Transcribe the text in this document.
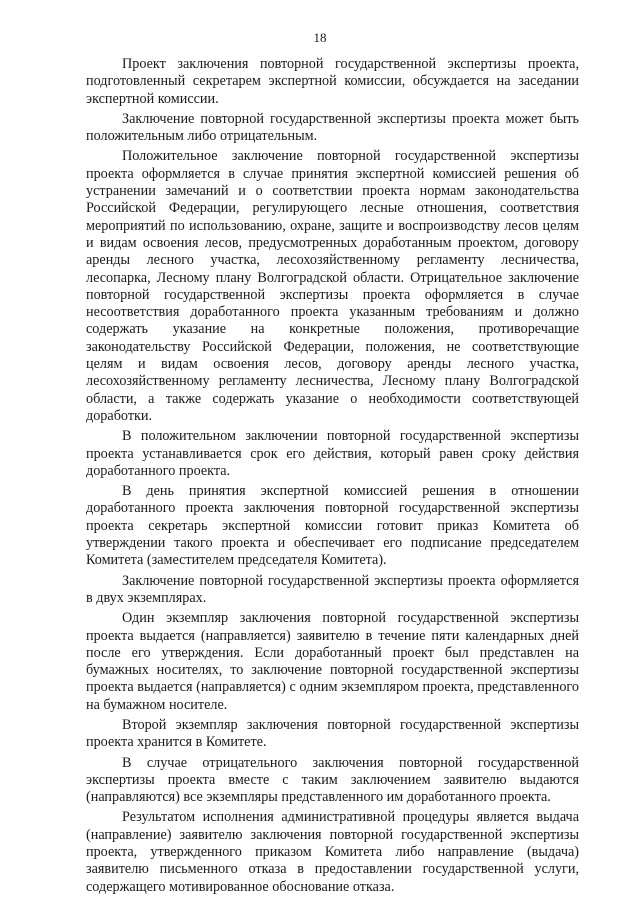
18

Проект заключения повторной государственной экспертизы проекта, подготовленный секретарем экспертной комиссии, обсуждается на заседании экспертной комиссии.

Заключение повторной государственной экспертизы проекта может быть положительным либо отрицательным.

Положительное заключение повторной государственной экспертизы проекта оформляется в случае принятия экспертной комиссией решения об устранении замечаний и о соответствии проекта нормам законодательства Российской Федерации, регулирующего лесные отношения, соответствия мероприятий по использованию, охране, защите и воспроизводству лесов целям и видам освоения лесов, предусмотренных доработанным проектом, договору аренды лесного участка, лесохозяйственному регламенту лесничества, лесопарка, Лесному плану Волгоградской области. Отрицательное заключение повторной государственной экспертизы проекта оформляется в случае несоответствия доработанного проекта указанным требованиям и должно содержать указание на конкретные положения, противоречащие законодательству Российской Федерации, положения, не соответствующие целям и видам освоения лесов, договору аренды лесного участка, лесохозяйственному регламенту лесничества, Лесному плану Волгоградской области, а также содержать указание о необходимости соответствующей доработки.

В положительном заключении повторной государственной экспертизы проекта устанавливается срок его действия, который равен сроку действия доработанного проекта.

В день принятия экспертной комиссией решения в отношении доработанного проекта заключения повторной государственной экспертизы проекта секретарь экспертной комиссии готовит приказ Комитета об утверждении такого проекта и обеспечивает его подписание председателем Комитета (заместителем председателя Комитета).

Заключение повторной государственной экспертизы проекта оформляется в двух экземплярах.

Один экземпляр заключения повторной государственной экспертизы проекта выдается (направляется) заявителю в течение пяти календарных дней после его утверждения. Если доработанный проект был представлен на бумажных носителях, то заключение повторной государственной экспертизы проекта выдается (направляется) с одним экземпляром проекта, представленного на бумажном носителе.

Второй экземпляр заключения повторной государственной экспертизы проекта хранится в Комитете.

В случае отрицательного заключения повторной государственной экспертизы проекта вместе с таким заключением заявителю выдаются (направляются) все экземпляры представленного им доработанного проекта.

Результатом исполнения административной процедуры является выдача (направление) заявителю заключения повторной государственной экспертизы проекта, утвержденного приказом Комитета либо направление (выдача) заявителю письменного отказа в предоставлении государственной услуги, содержащего мотивированное обоснование отказа.
